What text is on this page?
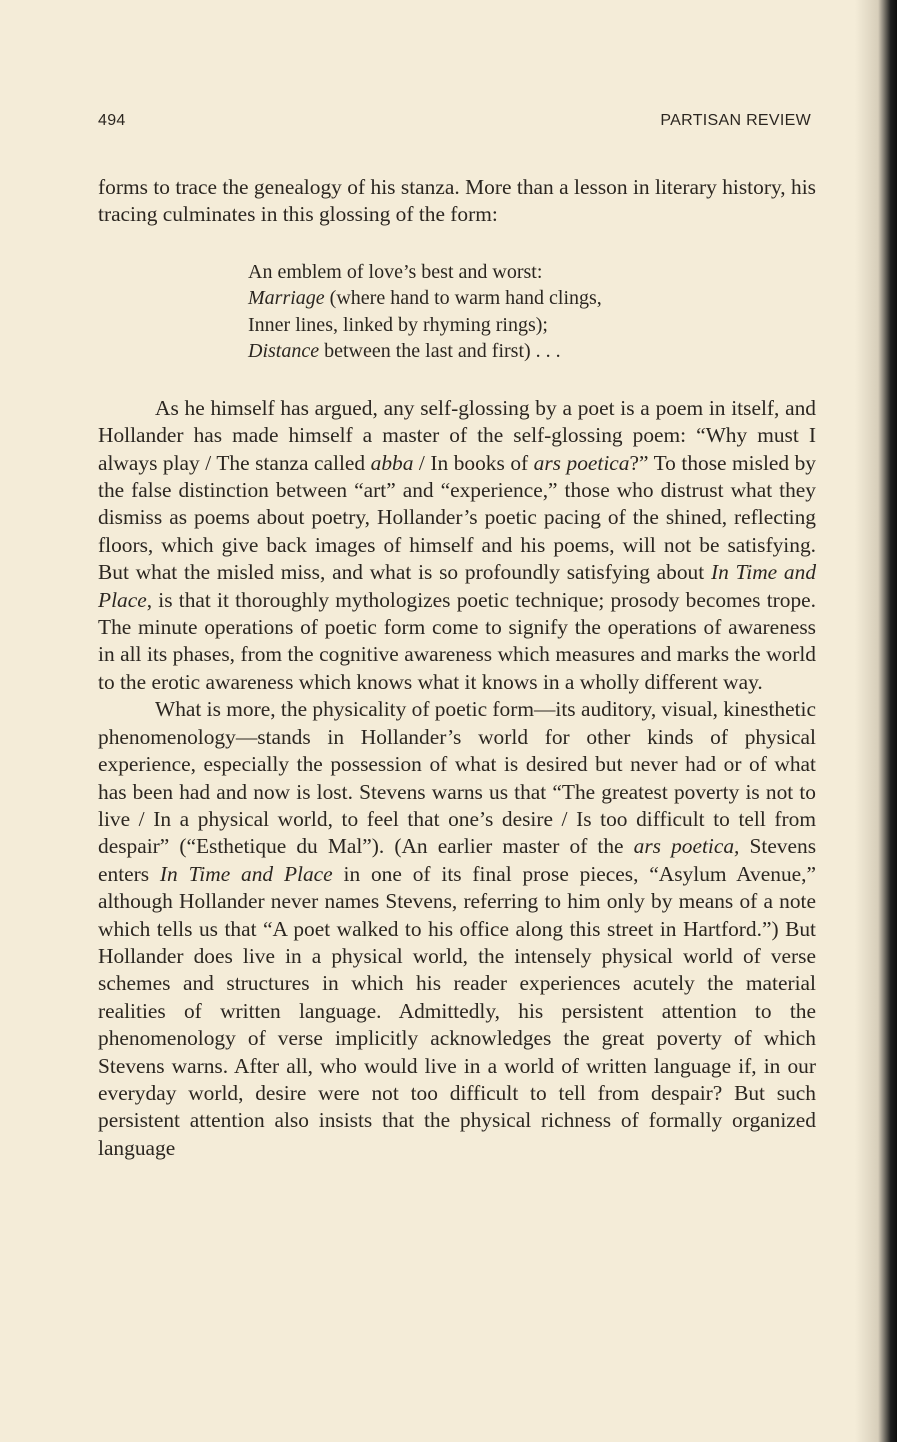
494	PARTISAN REVIEW

forms to trace the genealogy of his stanza. More than a lesson in literary history, his tracing culminates in this glossing of the form:

An emblem of love’s best and worst:
Marriage (where hand to warm hand clings,
Inner lines, linked by rhyming rings);
Distance between the last and first) . . .

As he himself has argued, any self-glossing by a poet is a poem in itself, and Hollander has made himself a master of the self-glossing poem: “Why must I always play / The stanza called abba / In books of ars poetica?” To those misled by the false distinction between “art” and “experience,” those who distrust what they dismiss as poems about poetry, Hollander’s poetic pacing of the shined, reflecting floors, which give back images of himself and his poems, will not be satisfying. But what the misled miss, and what is so profoundly satisfying about In Time and Place, is that it thoroughly mythologizes poetic technique; prosody becomes trope. The minute operations of poetic form come to signify the operations of awareness in all its phases, from the cognitive awareness which measures and marks the world to the erotic awareness which knows what it knows in a wholly different way.

What is more, the physicality of poetic form—its auditory, visual, kinesthetic phenomenology—stands in Hollander’s world for other kinds of physical experience, especially the possession of what is desired but never had or of what has been had and now is lost. Stevens warns us that “The greatest poverty is not to live / In a physical world, to feel that one’s desire / Is too difficult to tell from despair” (“Esthetique du Mal”). (An earlier master of the ars poetica, Stevens enters In Time and Place in one of its final prose pieces, “Asylum Avenue,” although Hollander never names Stevens, referring to him only by means of a note which tells us that “A poet walked to his office along this street in Hartford.”) But Hollander does live in a physical world, the intensely physical world of verse schemes and structures in which his reader experiences acutely the material realities of written language. Admittedly, his persistent attention to the phenomenology of verse implicitly acknowledges the great poverty of which Stevens warns. After all, who would live in a world of written language if, in our everyday world, desire were not too difficult to tell from despair? But such persistent attention also insists that the physical richness of formally organized language
